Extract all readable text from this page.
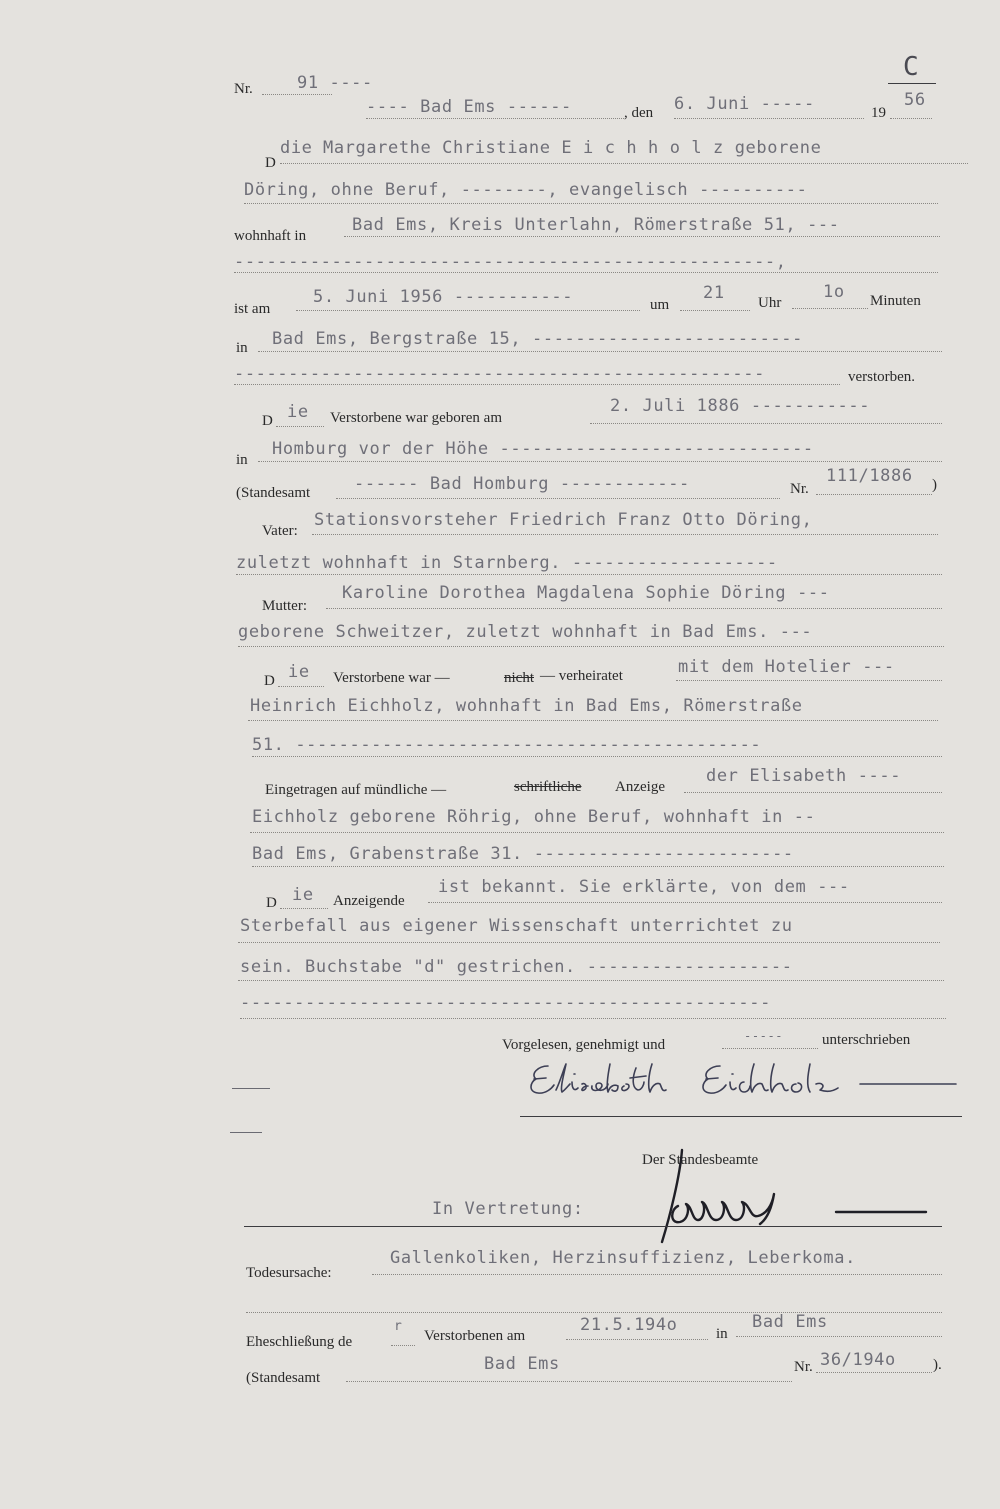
C
Nr.	91 ----
---- Bad Ems ------	, den 6. Juni -----	19
56
D
die Margarethe Christiane E i c h h o l z geborene
Döring, ohne Beruf, --------, evangelisch ----------
wohnhaft in
Bad Ems, Kreis Unterlahn, Römerstraße 51, ---
--------------------------------------------------,
ist am
5. Juni 1956 -----------	um
21 Uhr
1o Minuten
in Bad Ems, Bergstraße 15, -------------------------
-------------------------------------------------	verstorben.
D ie Verstorbene war geboren am
2. Juli 1886 -----------
in
Homburg vor der Höhe -----------------------------
(Standesamt	------ Bad Homburg ------------	Nr.
111/1886 )
Vater:
Stationsvorsteher Friedrich Franz Otto Döring,
zuletzt wohnhaft in Starnberg. -------------------
Mutter:
Karoline Dorothea Magdalena Sophie Döring ---
geborene Schweitzer, zuletzt wohnhaft in Bad Ems. ---
D ie Verstorbene war —	nicht — verheiratet	mit dem Hotelier ---
Heinrich Eichholz, wohnhaft in Bad Ems, Römerstraße
51. -------------------------------------------
Eingetragen auf mündliche —	schriftliche Anzeige
der Elisabeth ----
Eichholz geborene Röhrig, ohne Beruf, wohnhaft in --
Bad Ems, Grabenstraße 31. ------------------------
D ie Anzeigende
ist bekannt. Sie erklärte, von dem ---
Sterbefall aus eigener Wissenschaft unterrichtet zu
sein. Buchstabe "d" gestrichen. -------------------
-------------------------------------------------
Vorgelesen, genehmigt und
-----	unterschrieben
Der Standesbeamte
In Vertretung:
Todesursache:
Gallenkoliken, Herzinsuffizienz, Leberkoma.
Eheschließung de
r
Verstorbenen am
21.5.194o	in
Bad Ems
(Standesamt
Bad Ems	Nr. 36/194o ).
